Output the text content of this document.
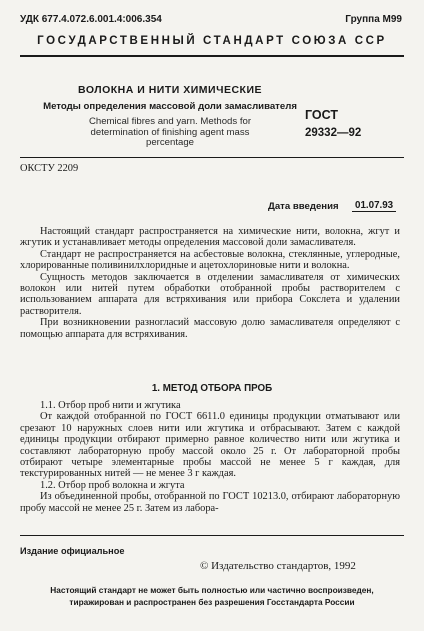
УДК 677.4.072.6.001.4:006.354	Группа М99
ГОСУДАРСТВЕННЫЙ СТАНДАРТ СОЮЗА ССР
ВОЛОКНА И НИТИ ХИМИЧЕСКИЕ
Методы определения массовой доли замасливателя
Chemical fibres and yarn. Methods for
determination of finishing agent mass
percentage
ГОСТ
29332—92
ОКСТУ 2209
Дата введения	01.07.93

Настоящий стандарт распространяется на химические нити, волокна, жгут и жгутик и устанавливает методы определения массовой доли замасливателя.

Стандарт не распространяется на асбестовые волокна, стеклянные, углеродные, хлорированные поливинилхлоридные и ацетохлориновые нити и волокна.

Сущность методов заключается в отделении замасливателя от химических волокон или нитей путем обработки отобранной пробы растворителем с использованием аппарата для встряхивания или прибора Сокслета и удалении растворителя.

При возникновении разногласий массовую долю замасливателя определяют с помощью аппарата для встряхивания.

1. МЕТОД ОТБОРА ПРОБ

1.1. Отбор проб нити и жгутика

От каждой отобранной по ГОСТ 6611.0 единицы продукции отматывают или срезают 10 наружных слоев нити или жгутика и отбрасывают. Затем с каждой единицы продукции отбирают примерно равное количество нити или жгутика и составляют лабораторную пробу массой около 25 г. От лабораторной пробы отбирают четыре элементарные пробы массой не менее 5 г каждая, для текстурированных нитей — не менее 3 г каждая.

1.2. Отбор проб волокна и жгута

Из объединенной пробы, отобранной по ГОСТ 10213.0, отбирают лабораторную пробу массой не менее 25 г. Затем из лабора-

Издание официальное
© Издательство стандартов, 1992
Настоящий стандарт не может быть полностью или частично воспроизведен,
тиражирован и распространен без разрешения Госстандарта России
